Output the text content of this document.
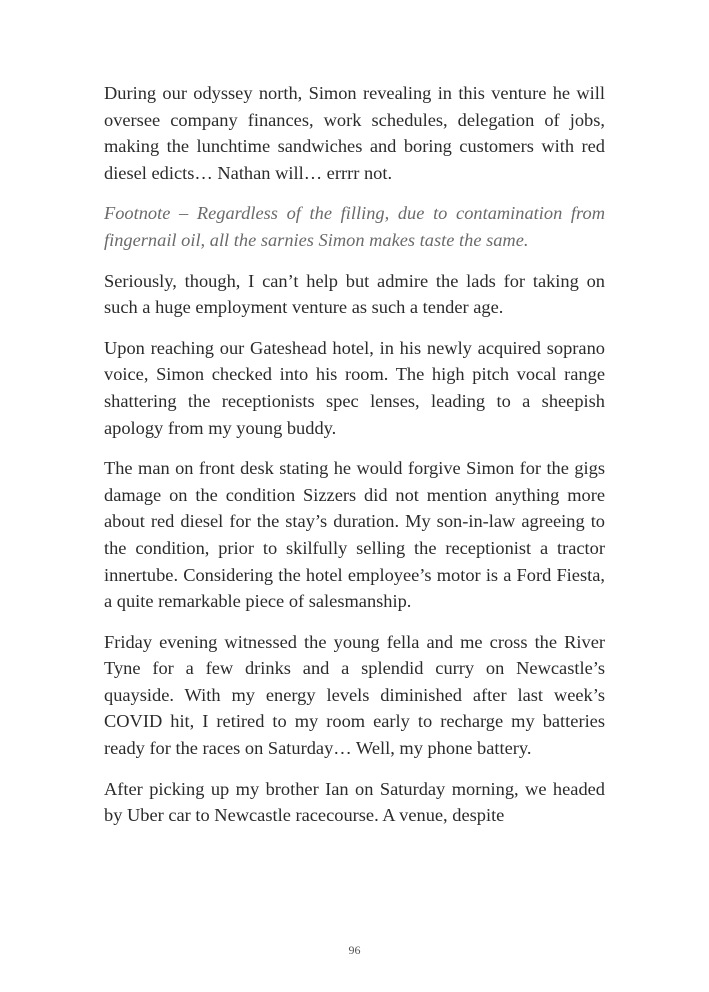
During our odyssey north, Simon revealing in this venture he will oversee company finances, work schedules, delegation of jobs, making the lunchtime sandwiches and boring customers with red diesel edicts… Nathan will… errrr not.

Footnote – Regardless of the filling, due to contamination from fingernail oil, all the sarnies Simon makes taste the same.

Seriously, though, I can’t help but admire the lads for taking on such a huge employment venture as such a tender age.

Upon reaching our Gateshead hotel, in his newly acquired soprano voice, Simon checked into his room. The high pitch vocal range shattering the receptionists spec lenses, leading to a sheepish apology from my young buddy.

The man on front desk stating he would forgive Simon for the gigs damage on the condition Sizzers did not mention anything more about red diesel for the stay’s duration. My son-in-law agreeing to the condition, prior to skilfully selling the receptionist a tractor innertube. Considering the hotel employee’s motor is a Ford Fiesta, a quite remarkable piece of salesmanship.

Friday evening witnessed the young fella and me cross the River Tyne for a few drinks and a splendid curry on Newcastle’s quayside. With my energy levels diminished after last week’s COVID hit, I retired to my room early to recharge my batteries ready for the races on Saturday… Well, my phone battery.

After picking up my brother Ian on Saturday morning, we headed by Uber car to Newcastle racecourse. A venue, despite

96
